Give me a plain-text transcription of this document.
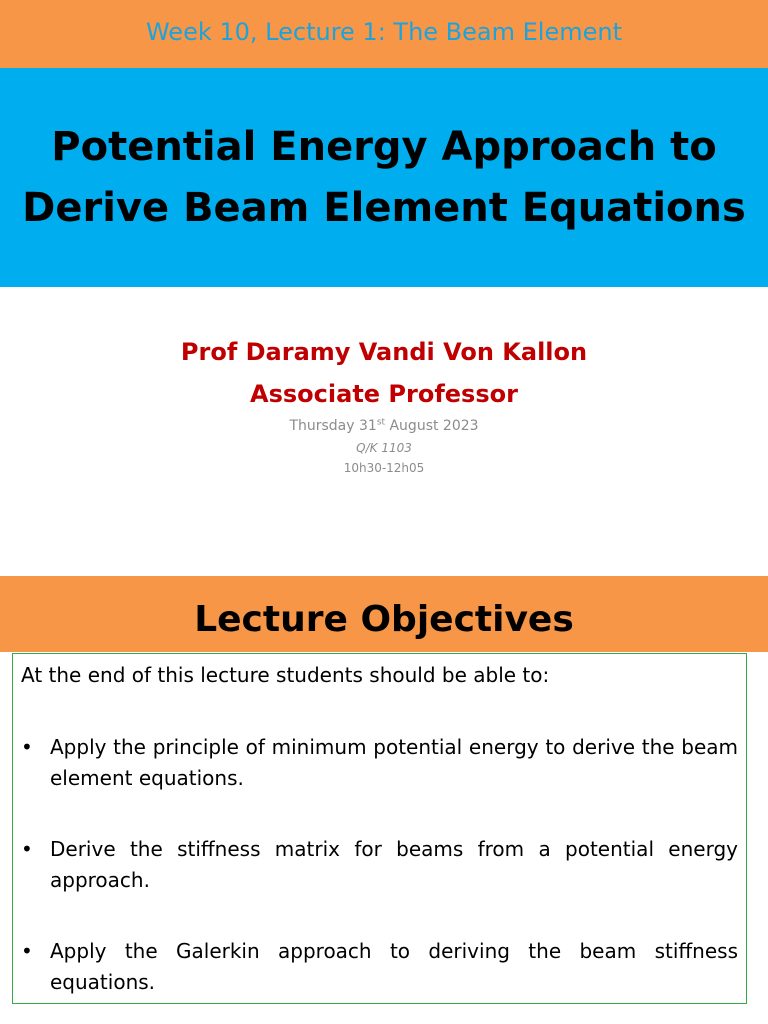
Week 10, Lecture 1: The Beam Element
Potential Energy Approach to
Derive Beam Element Equations
Prof Daramy Vandi Von Kallon
Associate Professor
Thursday 31st August 2023
Q/K 1103
10h30-12h05
Lecture Objectives

At the end of this lecture students should be able to:

• Apply the principle of minimum potential energy to derive the beam element equations.
• Derive the stiffness matrix for beams from a potential energy approach.
• Apply the Galerkin approach to deriving the beam stiffness equations.
